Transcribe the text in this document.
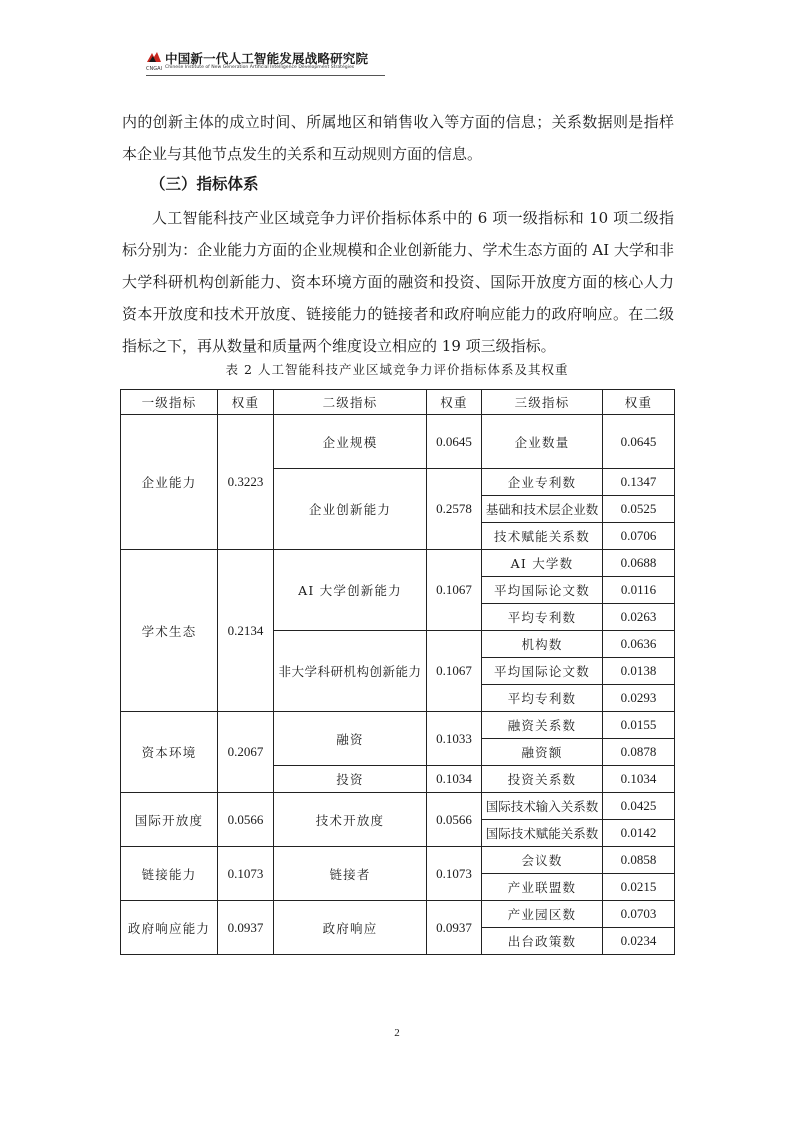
中国新一代人工智能发展战略研究院
CNGAI Chinese Institute of New Generation Artificial Intelligence Development Strategies
内的创新主体的成立时间、所属地区和销售收入等方面的信息；关系数据则是指样本企业与其他节点发生的关系和互动规则方面的信息。
（三）指标体系
人工智能科技产业区域竞争力评价指标体系中的 6 项一级指标和 10 项二级指标分别为：企业能力方面的企业规模和企业创新能力、学术生态方面的 AI 大学和非大学科研机构创新能力、资本环境方面的融资和投资、国际开放度方面的核心人力资本开放度和技术开放度、链接能力的链接者和政府响应能力的政府响应。在二级指标之下，再从数量和质量两个维度设立相应的 19 项三级指标。
表 2 人工智能科技产业区域竞争力评价指标体系及其权重
一级指标	权重	二级指标	权重	三级指标	权重
企业能力	0.3223	企业规模	0.0645	企业数量	0.0645
		企业创新能力	0.2578	企业专利数	0.1347
				基础和技术层企业数	0.0525
				技术赋能关系数	0.0706
学术生态	0.2134	AI 大学创新能力	0.1067	AI 大学数	0.0688
				平均国际论文数	0.0116
				平均专利数	0.0263
		非大学科研机构创新能力	0.1067	机构数	0.0636
				平均国际论文数	0.0138
				平均专利数	0.0293
资本环境	0.2067	融资	0.1033	融资关系数	0.0155
				融资额	0.0878
		投资	0.1034	投资关系数	0.1034
国际开放度	0.0566	技术开放度	0.0566	国际技术输入关系数	0.0425
				国际技术赋能关系数	0.0142
链接能力	0.1073	链接者	0.1073	会议数	0.0858
				产业联盟数	0.0215
政府响应能力	0.0937	政府响应	0.0937	产业园区数	0.0703
				出台政策数	0.0234
2
